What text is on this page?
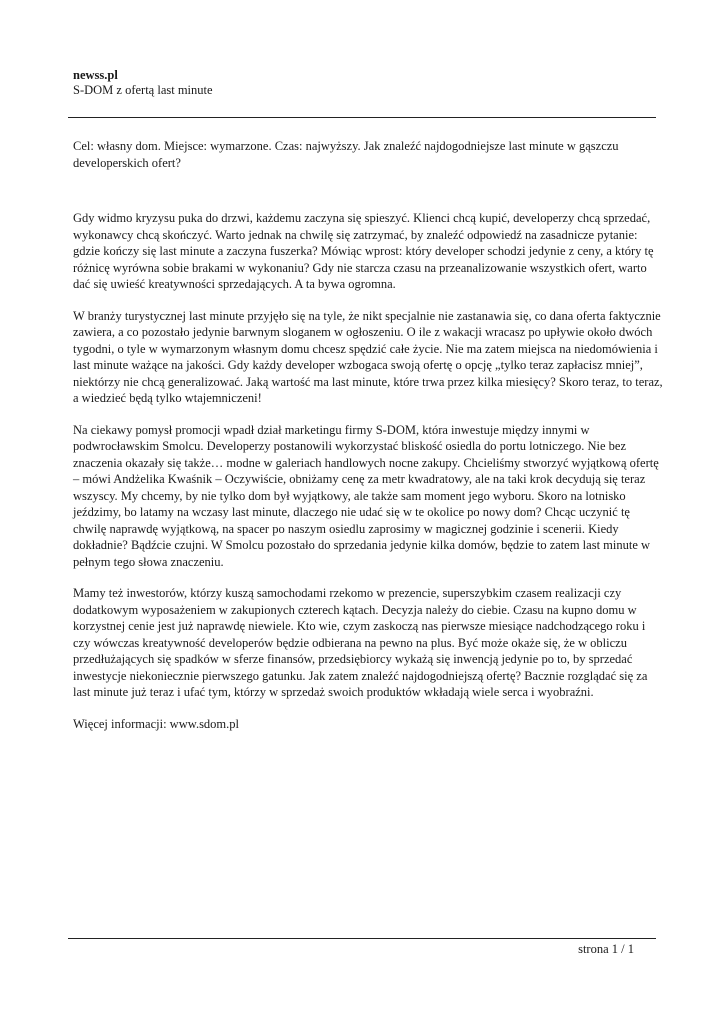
newss.pl
S-DOM z ofertą last minute

Cel: własny dom. Miejsce: wymarzone. Czas: najwyższy. Jak znaleźć najdogodniejsze last minute w gąszczu developerskich ofert?

Gdy widmo kryzysu puka do drzwi, każdemu zaczyna się spieszyć. Klienci chcą kupić, developerzy chcą sprzedać, wykonawcy chcą skończyć. Warto jednak na chwilę się zatrzymać, by znaleźć odpowiedź na zasadnicze pytanie: gdzie kończy się last minute a zaczyna fuszerka? Mówiąc wprost: który developer schodzi jedynie z ceny, a który tę różnicę wyrówna sobie brakami w wykonaniu? Gdy nie starcza czasu na przeanalizowanie wszystkich ofert, warto dać się uwieść kreatywności sprzedających. A ta bywa ogromna.

W branży turystycznej last minute przyjęło się na tyle, że nikt specjalnie nie zastanawia się, co dana oferta faktycznie zawiera, a co pozostało jedynie barwnym sloganem w ogłoszeniu. O ile z wakacji wracasz po upływie około dwóch tygodni, o tyle w wymarzonym własnym domu chcesz spędzić całe życie. Nie ma zatem miejsca na niedomówienia i last minute ważące na jakości. Gdy każdy developer wzbogaca swoją ofertę o opcję „tylko teraz zapłacisz mniej”, niektórzy nie chcą generalizować. Jaką wartość ma last minute, które trwa przez kilka miesięcy? Skoro teraz, to teraz, a wiedzieć będą tylko wtajemniczeni!

Na ciekawy pomysł promocji wpadł dział marketingu firmy S-DOM, która inwestuje między innymi w podwrocławskim Smolcu. Developerzy postanowili wykorzystać bliskość osiedla do portu lotniczego. Nie bez znaczenia okazały się także… modne w galeriach handlowych nocne zakupy. Chcieliśmy stworzyć wyjątkową ofertę – mówi Andżelika Kwaśnik – Oczywiście, obniżamy cenę za metr kwadratowy, ale na taki krok decydują się teraz wszyscy. My chcemy, by nie tylko dom był wyjątkowy, ale także sam moment jego wyboru. Skoro na lotnisko jeździmy, bo latamy na wczasy last minute, dlaczego nie udać się w te okolice po nowy dom? Chcąc uczynić tę chwilę naprawdę wyjątkową, na spacer po naszym osiedlu zaprosimy w magicznej godzinie i scenerii. Kiedy dokładnie? Bądźcie czujni. W Smolcu pozostało do sprzedania jedynie kilka domów, będzie to zatem last minute w pełnym tego słowa znaczeniu.

Mamy też inwestorów, którzy kuszą samochodami rzekomo w prezencie, superszybkim czasem realizacji czy dodatkowym wyposażeniem w zakupionych czterech kątach. Decyzja należy do ciebie. Czasu na kupno domu w korzystnej cenie jest już naprawdę niewiele. Kto wie, czym zaskoczą nas pierwsze miesiące nadchodzącego roku i czy wówczas kreatywność developerów będzie odbierana na pewno na plus. Być może okaże się, że w obliczu przedłużających się spadków w sferze finansów, przedsiębiorcy wykażą się inwencją jedynie po to, by sprzedać inwestycje niekoniecznie pierwszego gatunku. Jak zatem znaleźć najdogodniejszą ofertę? Bacznie rozglądać się za last minute już teraz i ufać tym, którzy w sprzedaż swoich produktów wkładają wiele serca i wyobraźni.

Więcej informacji: www.sdom.pl

strona 1 / 1
